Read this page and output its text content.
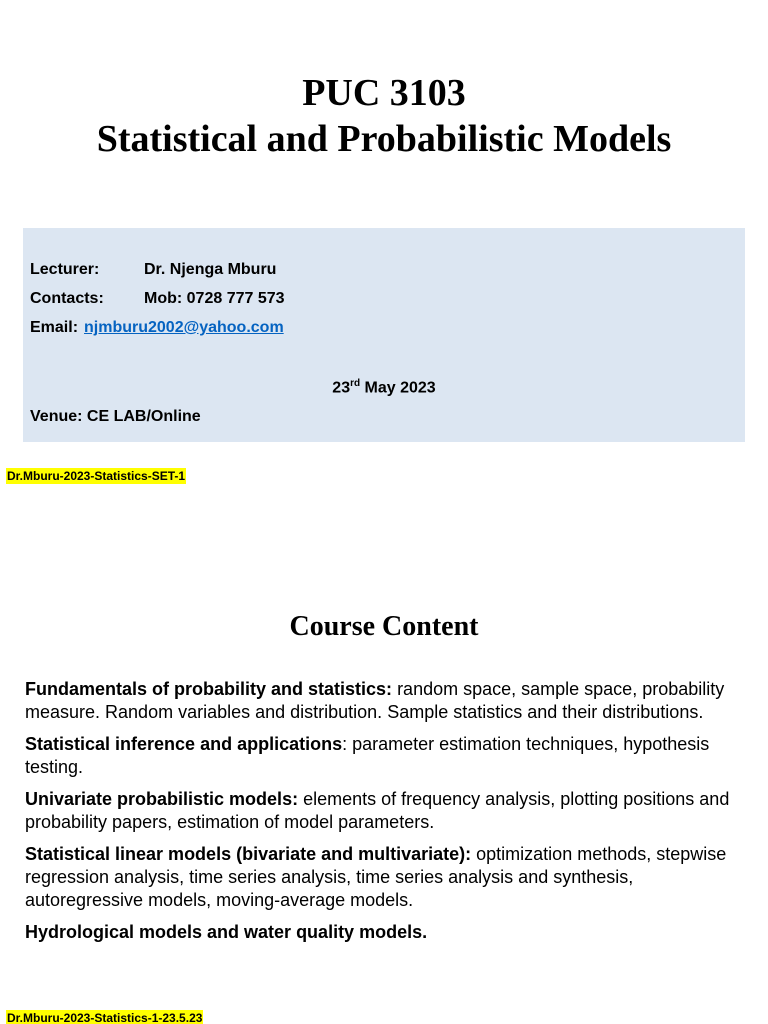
PUC 3103
Statistical and Probabilistic Models
Lecturer:	Dr. Njenga Mburu
Contacts:	Mob: 0728 777 573
Email: njmburu2002@yahoo.com
23rd May 2023
Venue: CE LAB/Online
Dr.Mburu-2023-Statistics-SET-1
Course Content

Fundamentals of probability and statistics: random space, sample space, probability measure. Random variables and distribution. Sample statistics and their distributions.

Statistical inference and applications: parameter estimation techniques, hypothesis testing.

Univariate probabilistic models: elements of frequency analysis, plotting positions and probability papers, estimation of model parameters.

Statistical linear models (bivariate and multivariate): optimization methods, stepwise regression analysis, time series analysis, time series analysis and synthesis, autoregressive models, moving-average models.

Hydrological models and water quality models.

Dr.Mburu-2023-Statistics-1-23.5.23
